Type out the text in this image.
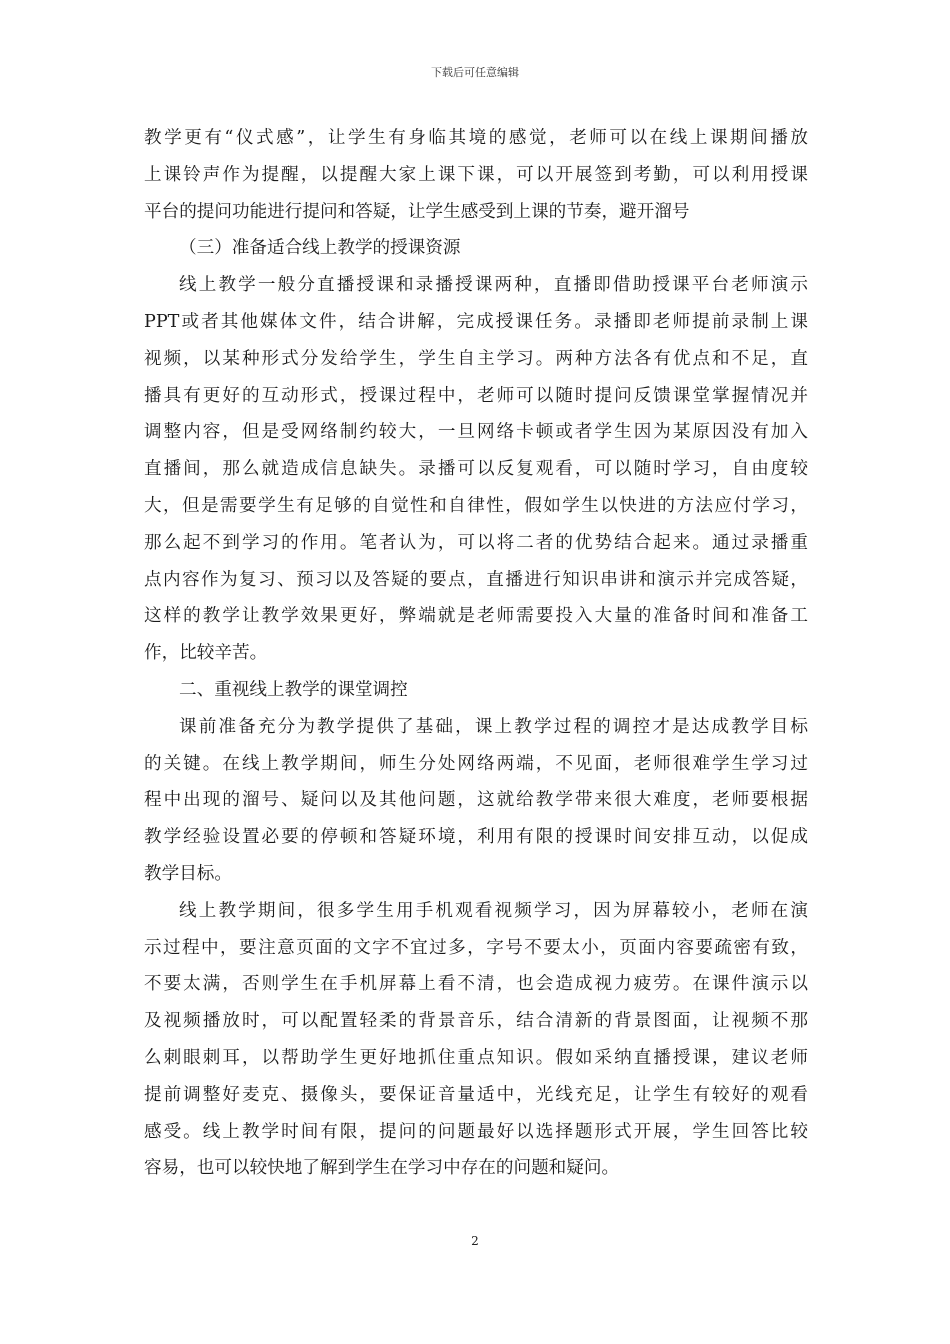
下载后可任意编辑
教学更有“仪式感”，让学生有身临其境的感觉，老师可以在线上课期间播放
上课铃声作为提醒，以提醒大家上课下课，可以开展签到考勤，可以利用授课
平台的提问功能进行提问和答疑，让学生感受到上课的节奏，避开溜号
（三）准备适合线上教学的授课资源
线上教学一般分直播授课和录播授课两种，直播即借助授课平台老师演示
PPT或者其他媒体文件，结合讲解，完成授课任务。录播即老师提前录制上课
视频，以某种形式分发给学生，学生自主学习。两种方法各有优点和不足，直
播具有更好的互动形式，授课过程中，老师可以随时提问反馈课堂掌握情况并
调整内容，但是受网络制约较大，一旦网络卡顿或者学生因为某原因没有加入
直播间，那么就造成信息缺失。录播可以反复观看，可以随时学习，自由度较
大，但是需要学生有足够的自觉性和自律性，假如学生以快进的方法应付学习，
那么起不到学习的作用。笔者认为，可以将二者的优势结合起来。通过录播重
点内容作为复习、预习以及答疑的要点，直播进行知识串讲和演示并完成答疑，
这样的教学让教学效果更好，弊端就是老师需要投入大量的准备时间和准备工
作，比较辛苦。
二、重视线上教学的课堂调控
课前准备充分为教学提供了基础，课上教学过程的调控才是达成教学目标
的关键。在线上教学期间，师生分处网络两端，不见面，老师很难学生学习过
程中出现的溜号、疑问以及其他问题，这就给教学带来很大难度，老师要根据
教学经验设置必要的停顿和答疑环境，利用有限的授课时间安排互动，以促成
教学目标。
线上教学期间，很多学生用手机观看视频学习，因为屏幕较小，老师在演
示过程中，要注意页面的文字不宜过多，字号不要太小，页面内容要疏密有致，
不要太满，否则学生在手机屏幕上看不清，也会造成视力疲劳。在课件演示以
及视频播放时，可以配置轻柔的背景音乐，结合清新的背景图面，让视频不那
么刺眼刺耳，以帮助学生更好地抓住重点知识。假如采纳直播授课，建议老师
提前调整好麦克、摄像头，要保证音量适中，光线充足，让学生有较好的观看
感受。线上教学时间有限，提问的问题最好以选择题形式开展，学生回答比较
容易，也可以较快地了解到学生在学习中存在的问题和疑问。
2
